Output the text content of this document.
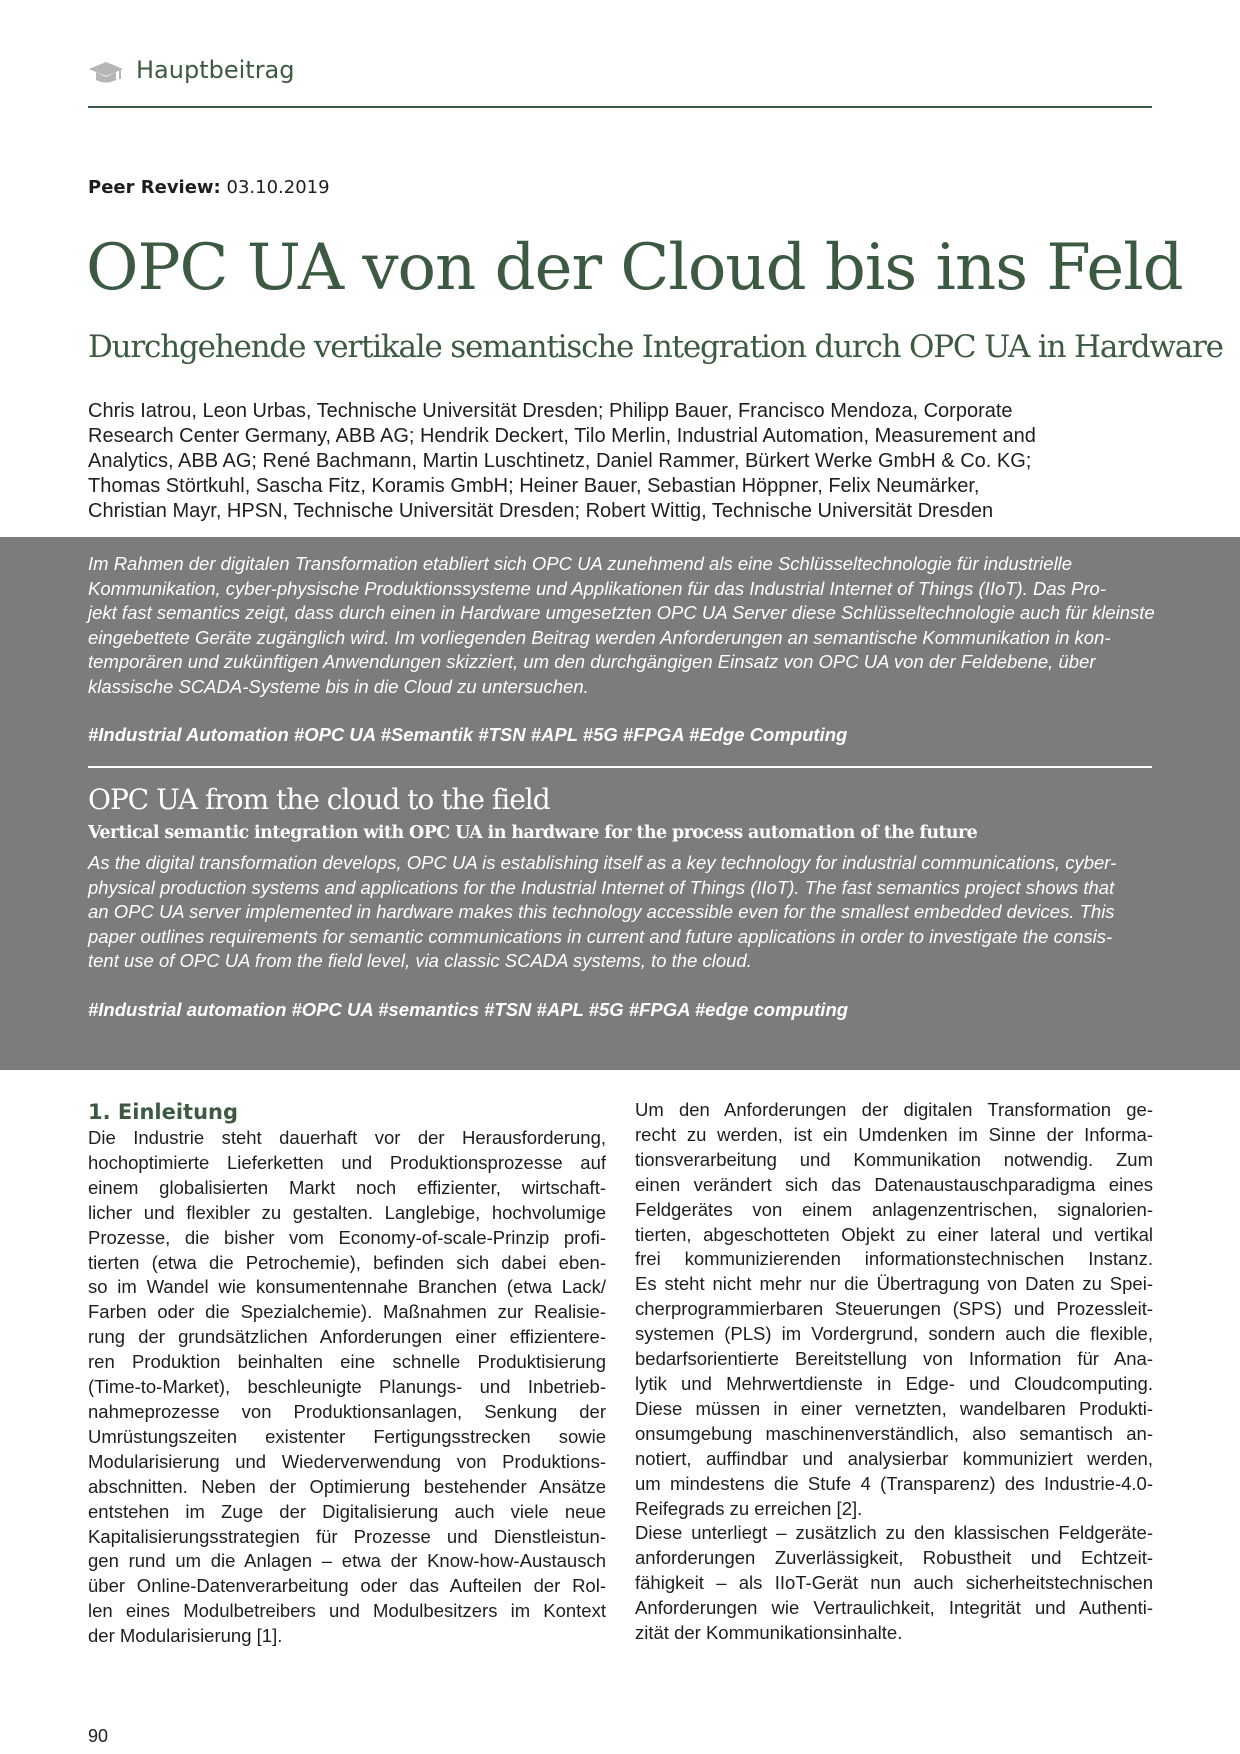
Hauptbeitrag
Peer Review: 03.10.2019
OPC UA von der Cloud bis ins Feld
Durchgehende vertikale semantische Integration durch OPC UA in Hardware
Chris Iatrou, Leon Urbas, Technische Universität Dresden; Philipp Bauer, Francisco Mendoza, Corporate
Research Center Germany, ABB AG; Hendrik Deckert, Tilo Merlin, Industrial Automation, Measurement and
Analytics, ABB AG; René Bachmann, Martin Luschtinetz, Daniel Rammer, Bürkert Werke GmbH & Co. KG;
Thomas Störtkuhl, Sascha Fitz, Koramis GmbH; Heiner Bauer, Sebastian Höppner, Felix Neumärker,
Christian Mayr, HPSN, Technische Universität Dresden; Robert Wittig, Technische Universität Dresden
Im Rahmen der digitalen Transformation etabliert sich OPC UA zunehmend als eine Schlüsseltechnologie für industrielle
Kommunikation, cyber-physische Produktionssysteme und Applikationen für das Industrial Internet of Things (IIoT). Das Pro-
jekt fast semantics zeigt, dass durch einen in Hardware umgesetzten OPC UA Server diese Schlüsseltechnologie auch für kleinste
eingebettete Geräte zugänglich wird. Im vorliegenden Beitrag werden Anforderungen an semantische Kommunikation in kon-
temporären und zukünftigen Anwendungen skizziert, um den durchgängigen Einsatz von OPC UA von der Feldebene, über
klassische SCADA-Systeme bis in die Cloud zu untersuchen.
#Industrial Automation #OPC UA #Semantik #TSN #APL #5G #FPGA #Edge Computing
OPC UA from the cloud to the field
Vertical semantic integration with OPC UA in hardware for the process automation of the future
As the digital transformation develops, OPC UA is establishing itself as a key technology for industrial communications, cyber-
physical production systems and applications for the Industrial Internet of Things (IIoT). The fast semantics project shows that
an OPC UA server implemented in hardware makes this technology accessible even for the smallest embedded devices. This
paper outlines requirements for semantic communications in current and future applications in order to investigate the consis-
tent use of OPC UA from the field level, via classic SCADA systems, to the cloud.
#Industrial automation #OPC UA #semantics #TSN #APL #5G #FPGA #edge computing
1. Einleitung
Die Industrie steht dauerhaft vor der Herausforderung,
hochoptimierte Lieferketten und Produktionsprozesse auf
einem globalisierten Markt noch effizienter, wirtschaft-
licher und flexibler zu gestalten. Langlebige, hochvolumige
Prozesse, die bisher vom Economy-of-scale-Prinzip profi-
tierten (etwa die Petrochemie), befinden sich dabei eben-
so im Wandel wie konsumentennahe Branchen (etwa Lack/
Farben oder die Spezialchemie). Maßnahmen zur Realisie-
rung der grundsätzlichen Anforderungen einer effizientere-
ren Produktion beinhalten eine schnelle Produktisierung
(Time-to-Market), beschleunigte Planungs- und Inbetrieb-
nahmeprozesse von Produktionsanlagen, Senkung der
Umrüstungszeiten existenter Fertigungsstrecken sowie
Modularisierung und Wiederverwendung von Produktions-
abschnitten. Neben der Optimierung bestehender Ansätze
entstehen im Zuge der Digitalisierung auch viele neue
Kapitalisierungsstrategien für Prozesse und Dienstleistun-
gen rund um die Anlagen – etwa der Know-how-Austausch
über Online-Datenverarbeitung oder das Aufteilen der Rol-
len eines Modulbetreibers und Modulbesitzers im Kontext
der Modularisierung [1].
Um den Anforderungen der digitalen Transformation ge-
recht zu werden, ist ein Umdenken im Sinne der Informa-
tionsverarbeitung und Kommunikation notwendig. Zum
einen verändert sich das Datenaustauschparadigma eines
Feldgerätes von einem anlagenzentrischen, signalorien-
tierten, abgeschotteten Objekt zu einer lateral und vertikal
frei kommunizierenden informationstechnischen Instanz.
Es steht nicht mehr nur die Übertragung von Daten zu Spei-
cherprogrammierbaren Steuerungen (SPS) und Prozessleit-
systemen (PLS) im Vordergrund, sondern auch die flexible,
bedarfsorientierte Bereitstellung von Information für Ana-
lytik und Mehrwertdienste in Edge- und Cloudcomputing.
Diese müssen in einer vernetzten, wandelbaren Produkti-
onsumgebung maschinenverständlich, also semantisch an-
notiert, auffindbar und analysierbar kommuniziert werden,
um mindestens die Stufe 4 (Transparenz) des Industrie-4.0-
Reifegrads zu erreichen [2].
Diese unterliegt – zusätzlich zu den klassischen Feldgeräte-
anforderungen Zuverlässigkeit, Robustheit und Echtzeit-
fähigkeit – als IIoT-Gerät nun auch sicherheitstechnischen
Anforderungen wie Vertraulichkeit, Integrität und Authenti-
zität der Kommunikationsinhalte.
90
